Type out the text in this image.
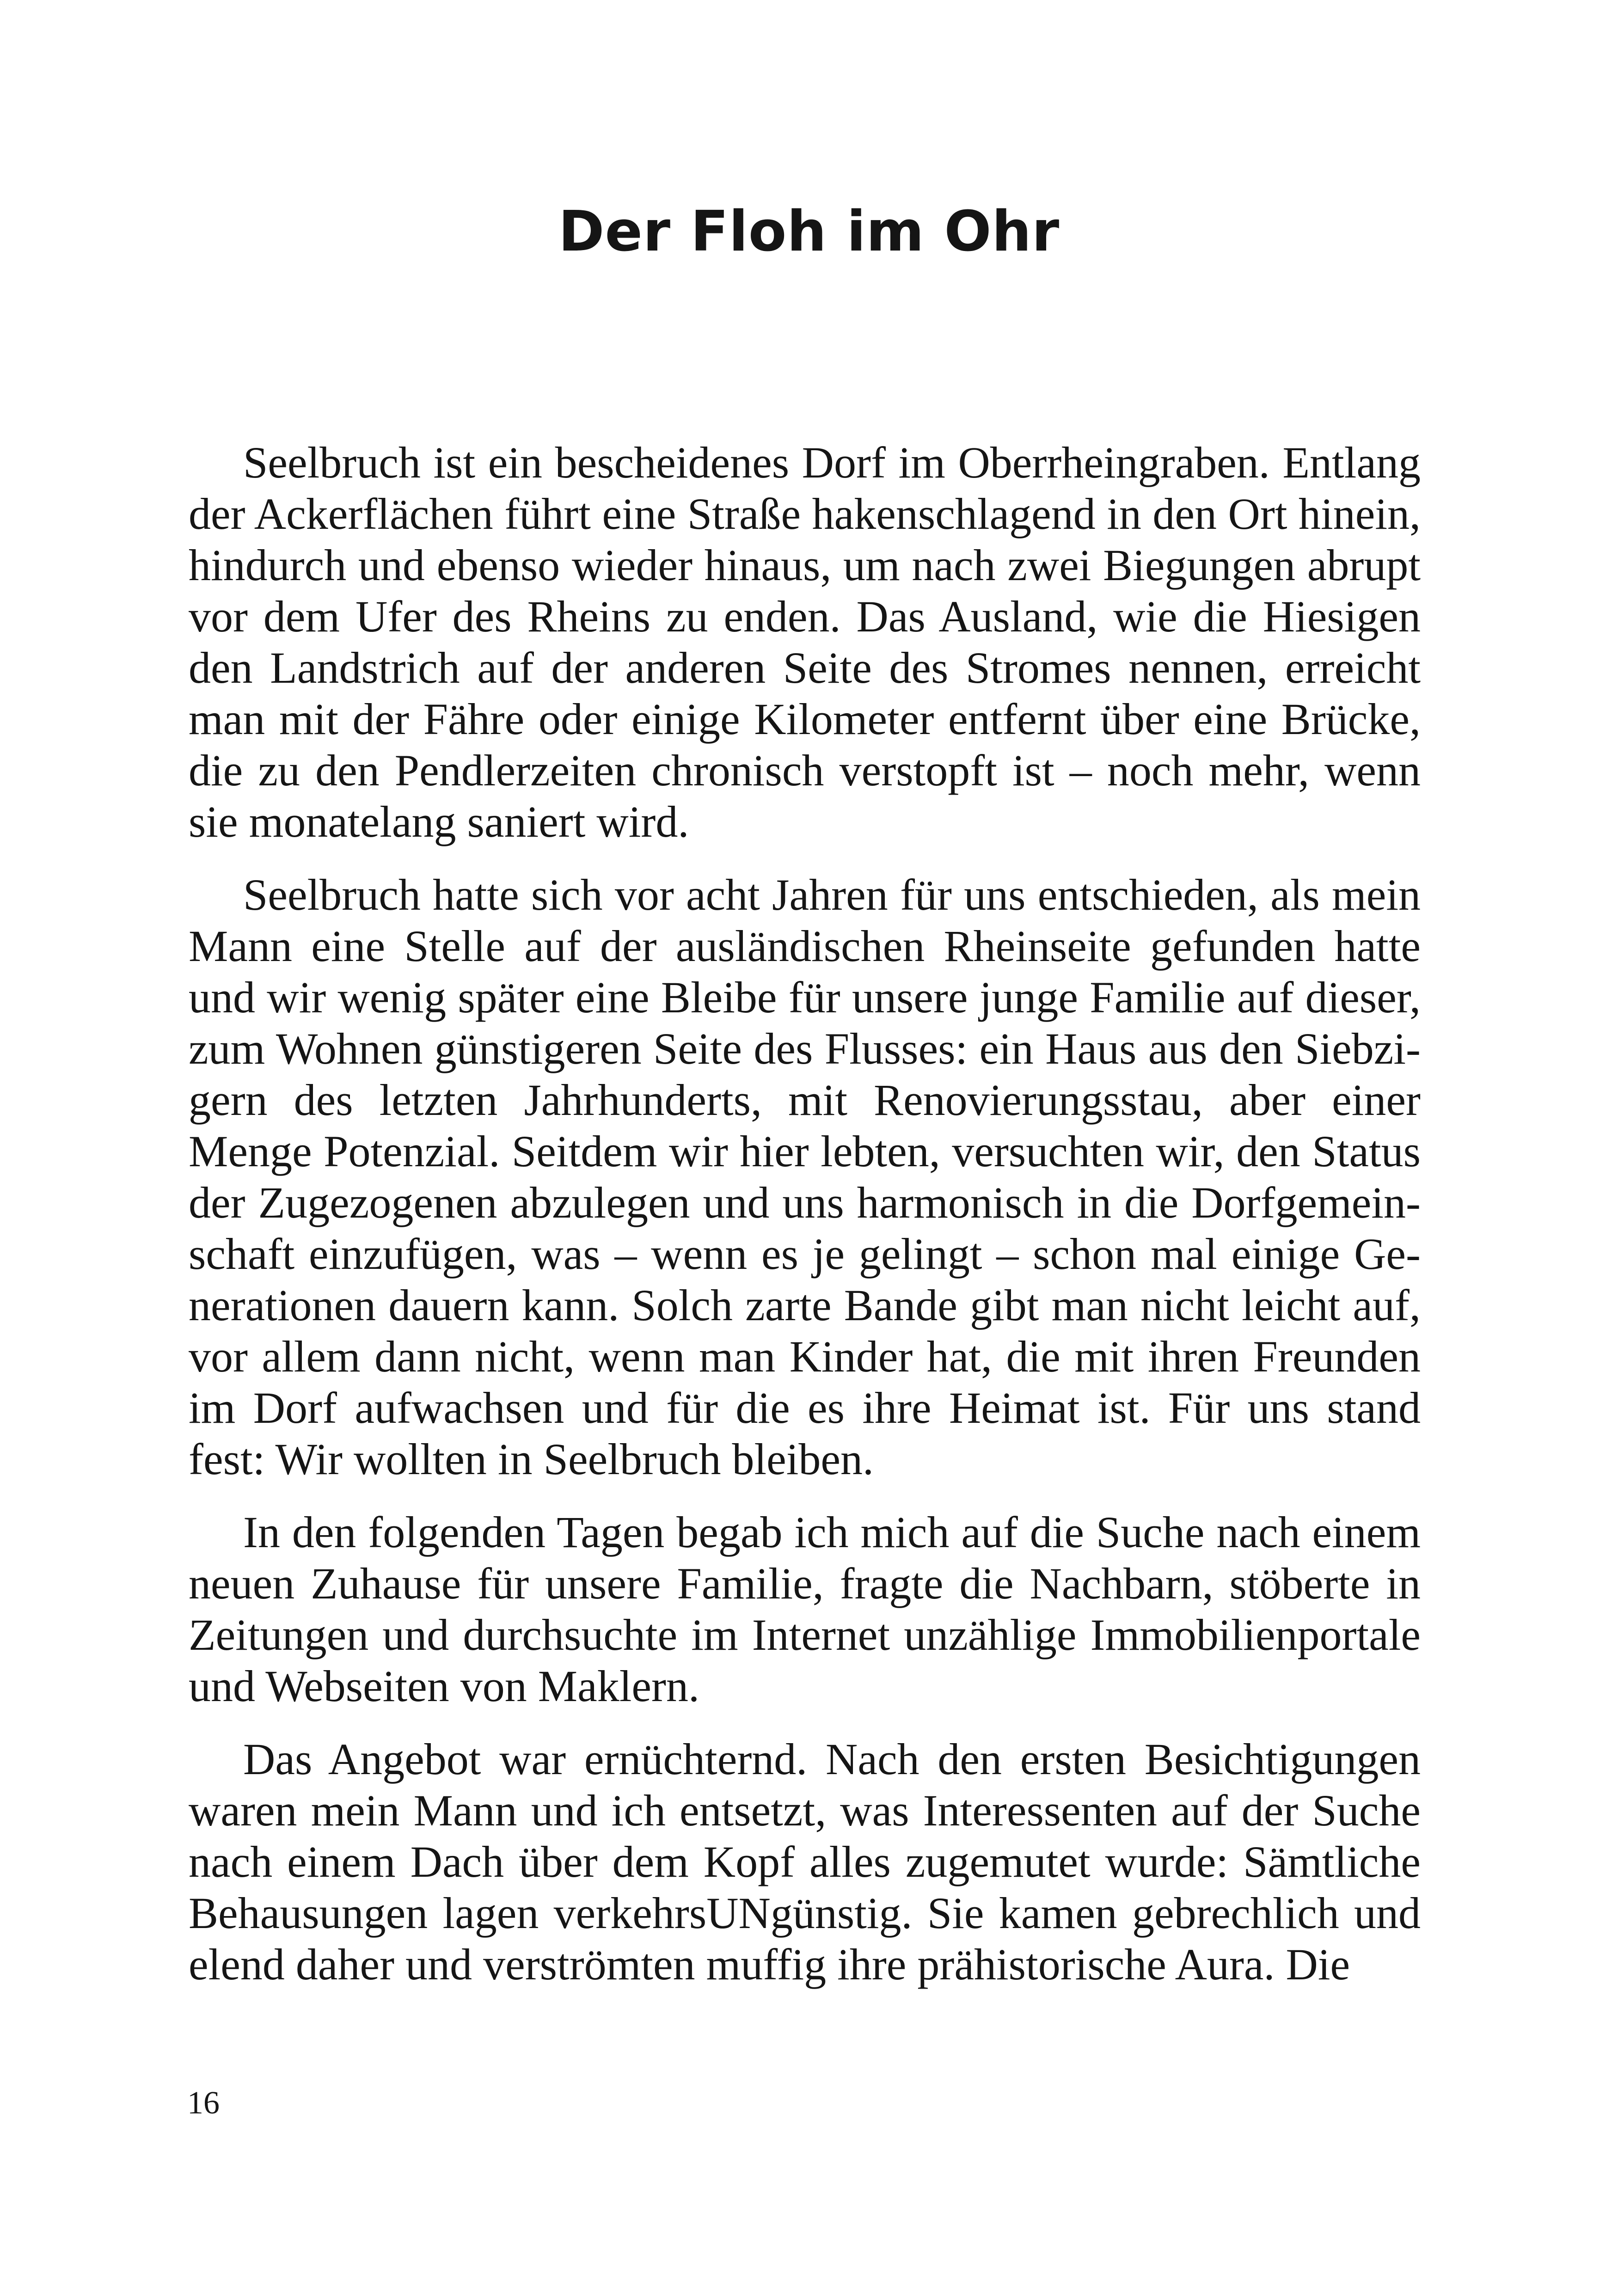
Der Floh im Ohr

Seelbruch ist ein bescheidenes Dorf im Oberrheingraben. Entlang der Ackerflächen führt eine Straße hakenschlagend in den Ort hinein, hindurch und ebenso wieder hinaus, um nach zwei Biegungen abrupt vor dem Ufer des Rheins zu enden. Das Ausland, wie die Hiesigen den Landstrich auf der anderen Seite des Stromes nennen, erreicht man mit der Fähre oder einige Kilometer entfernt über eine Brücke, die zu den Pendlerzeiten chronisch verstopft ist – noch mehr, wenn sie monatelang saniert wird.

Seelbruch hatte sich vor acht Jahren für uns entschieden, als mein Mann eine Stelle auf der ausländischen Rheinseite gefunden hatte und wir wenig später eine Bleibe für unsere junge Familie auf dieser, zum Wohnen günstigeren Seite des Flusses: ein Haus aus den Siebzigern des letzten Jahrhunderts, mit Renovierungsstau, aber einer Menge Potenzial. Seitdem wir hier lebten, versuchten wir, den Status der Zugezogenen abzulegen und uns harmonisch in die Dorfgemeinschaft einzufügen, was – wenn es je gelingt – schon mal einige Generationen dauern kann. Solch zarte Bande gibt man nicht leicht auf, vor allem dann nicht, wenn man Kinder hat, die mit ihren Freunden im Dorf aufwachsen und für die es ihre Heimat ist. Für uns stand fest: Wir wollten in Seelbruch bleiben.

In den folgenden Tagen begab ich mich auf die Suche nach einem neuen Zuhause für unsere Familie, fragte die Nachbarn, stöberte in Zeitungen und durchsuchte im Internet unzählige Immobilienportale und Webseiten von Maklern.

Das Angebot war ernüchternd. Nach den ersten Besichtigungen waren mein Mann und ich entsetzt, was Interessenten auf der Suche nach einem Dach über dem Kopf alles zugemutet wurde: Sämtliche Behausungen lagen verkehrsUNgünstig. Sie kamen gebrechlich und elend daher und verströmten muffig ihre prähistorische Aura. Die

16
